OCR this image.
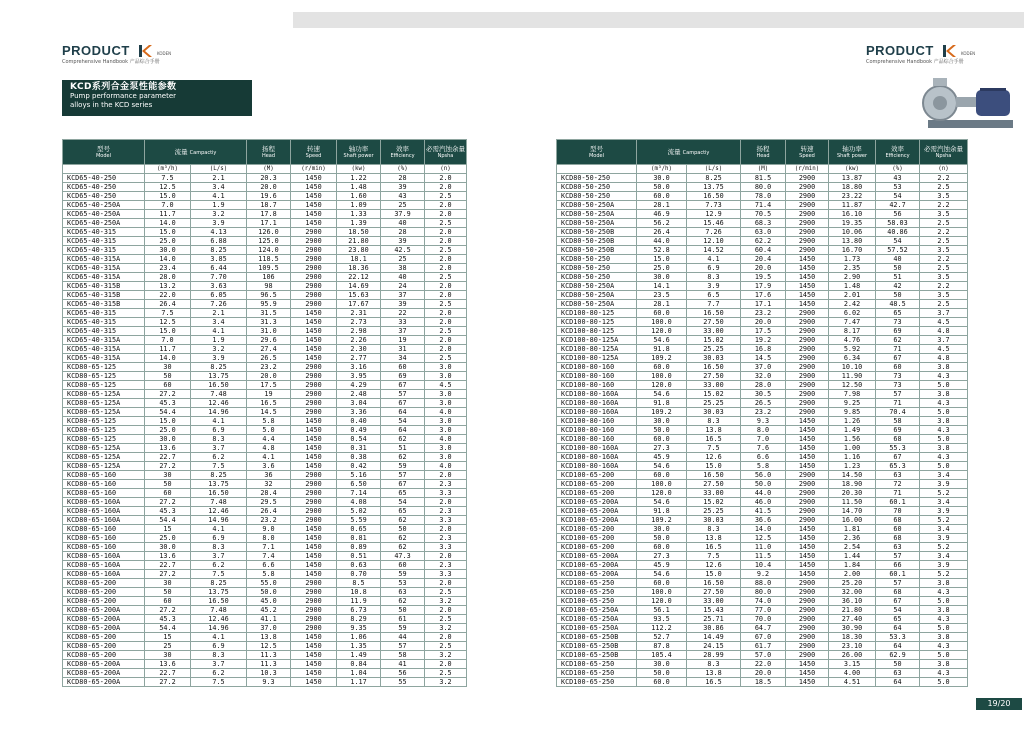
PRODUCT	KODEN
Comprehensive Handbook 产品综合手册
PRODUCT	KODEN
Comprehensive Handbook 产品综合手册
KCD系列合金泵性能参数
Pump performance parameter alloys in the KCD series
型号
Model	流量 Campactiy		扬程
Head	转速
Speed	轴功率
Shaft power	效率
Efficiency	必需汽蚀余量
Npsha

	(m³/h)	(L/s)	(M)	(r/min)	(kw)	(%)	(n)
KCD65-40-250	7.5	2.1	20.3	1450	1.22	28	2.0
KCD65-40-250	12.5	3.4	20.0	1450	1.48	39	2.0
KCD65-40-250	15.0	4.1	19.6	1450	1.60	43	2.5
KCD65-40-250A	7.0	1.9	18.7	1450	1.09	25	2.0
KCD65-40-250A	11.7	3.2	17.8	1450	1.33	37.9	2.0
KCD65-40-250A	14.0	3.9	17.1	1450	1.39	40	2.5
KCD65-40-315	15.0	4.13	126.0	2900	18.50	28	2.0
KCD65-40-315	25.0	6.88	125.0	2900	21.80	39	2.0
KCD65-40-315	30.0	8.25	124.0	2900	23.80	42.5	2.5
KCD65-40-315A	14.0	3.85	118.5	2900	18.1	25	2.0
KCD65-40-315A	23.4	6.44	109.5	2900	18.36	38	2.0
KCD65-40-315A	28.0	7.70	106	2900	22.12	40	2.5
KCD65-40-315B	13.2	3.63	98	2900	14.69	24	2.0
KCD65-40-315B	22.0	6.05	96.5	2900	15.63	37	2.0
KCD65-40-315B	26.4	7.26	95.9	2900	17.67	39	2.5
KCD65-40-315	7.5	2.1	31.5	1450	2.31	22	2.0
KCD65-40-315	12.5	3.4	31.3	1450	2.73	33	2.0
KCD65-40-315	15.0	4.1	31.0	1450	2.98	37	2.5
KCD65-40-315A	7.0	1.9	29.6	1450	2.26	19	2.0
KCD65-40-315A	11.7	3.2	27.4	1450	2.30	31	2.0
KCD65-40-315A	14.0	3.9	26.5	1450	2.77	34	2.5
KCD80-65-125	30	8.25	23.2	2900	3.16	60	3.0
KCD80-65-125	50	13.75	20.0	2900	3.95	69	3.0
KCD80-65-125	60	16.50	17.5	2900	4.29	67	4.5
KCD80-65-125A	27.2	7.48	19	2900	2.48	57	3.0
KCD80-65-125A	45.3	12.46	16.5	2900	3.04	67	3.0
KCD80-65-125A	54.4	14.96	14.5	2900	3.36	64	4.0
KCD80-65-125	15.0	4.1	5.8	1450	0.40	54	3.0
KCD80-65-125	25.0	6.9	5.0	1450	0.49	64	3.0
KCD80-65-125	30.0	8.3	4.4	1450	0.54	62	4.0
KCD80-65-125A	13.6	3.7	4.8	1450	0.31	51	3.0
KCD80-65-125A	22.7	6.2	4.1	1450	0.38	62	3.0
KCD80-65-125A	27.2	7.5	3.6	1450	0.42	59	4.0
KCD80-65-160	30	8.25	36	2900	5.16	57	2.0
KCD80-65-160	50	13.75	32	2900	6.50	67	2.3
KCD80-65-160	60	16.50	28.4	2900	7.14	65	3.3
KCD80-65-160A	27.2	7.48	29.5	2900	4.08	54	2.0
KCD80-65-160A	45.3	12.46	26.4	2900	5.02	65	2.3
KCD80-65-160A	54.4	14.96	23.2	2900	5.59	62	3.3
KCD80-65-160	15	4.1	9.0	1450	0.65	50	2.0
KCD80-65-160	25.0	6.9	8.0	1450	0.81	62	2.3
KCD80-65-160	30.0	8.3	7.1	1450	0.89	62	3.3
KCD80-65-160A	13.6	3.7	7.4	1450	0.51	47.3	2.0
KCD80-65-160A	22.7	6.2	6.6	1450	0.63	60	2.3
KCD80-65-160A	27.2	7.5	5.8	1450	0.70	59	3.3
KCD80-65-200	30	8.25	55.0	2900	8.5	53	2.0
KCD80-65-200	50	13.75	50.0	2900	10.8	63	2.5
KCD80-65-200	60	16.50	45.0	2900	11.9	62	3.2
KCD80-65-200A	27.2	7.48	45.2	2900	6.73	50	2.0
KCD80-65-200A	45.3	12.46	41.1	2900	8.29	61	2.5
KCD80-65-200A	54.4	14.96	37.0	2900	9.35	59	3.2
KCD80-65-200	15	4.1	13.8	1450	1.06	44	2.0
KCD80-65-200	25	6.9	12.5	1450	1.35	57	2.5
KCD80-65-200	30	8.3	11.3	1450	1.49	58	3.2
KCD80-65-200A	13.6	3.7	11.3	1450	0.84	41	2.0
KCD80-65-200A	22.7	6.2	10.3	1450	1.04	56	2.5
KCD80-65-200A	27.2	7.5	9.3	1450	1.17	55	3.2
型号
Model	流量 Campactiy		扬程
Head	转速
Speed	轴功率
Shaft power	效率
Efficiency	必需汽蚀余量
Npsha

	(m³/h)	(L/s)	(M)	(r/min)	(kw)	(%)	(n)
KCD80-50-250	30.0	8.25	81.5	2900	13.87	43	2.2
KCD80-50-250	50.0	13.75	80.0	2900	18.80	53	2.5
KCD80-50-250	60.0	16.50	78.0	2900	23.22	54	3.5
KCD80-50-250A	28.1	7.73	71.4	2900	11.87	42.7	2.2
KCD80-50-250A	46.9	12.9	70.5	2900	16.10	56	3.5
KCD80-50-250A	56.2	15.46	68.3	2900	19.35	58.03	2.5
KCD80-50-250B	26.4	7.26	63.0	2900	10.06	40.86	2.2
KCD80-50-250B	44.0	12.10	62.2	2900	13.80	54	2.5
KCD80-50-250B	52.8	14.52	60.4	2900	16.70	57.52	3.5
KCD80-50-250	15.0	4.1	20.4	1450	1.73	40	2.2
KCD80-50-250	25.0	6.9	20.0	1450	2.35	50	2.5
KCD80-50-250	30.0	8.3	19.5	1450	2.90	51	3.5
KCD80-50-250A	14.1	3.9	17.9	1450	1.48	42	2.2
KCD80-50-250A	23.5	6.5	17.6	1450	2.01	50	3.5
KCD80-50-250A	28.1	7.7	17.1	1450	2.42	48.5	2.5
KCD100-80-125	60.0	16.50	23.2	2900	6.02	65	3.7
KCD100-80-125	100.0	27.50	20.0	2900	7.47	73	4.5
KCD100-80-125	120.0	33.00	17.5	2900	8.17	69	4.8
KCD100-80-125A	54.6	15.02	19.2	2900	4.76	62	3.7
KCD100-80-125A	91.8	25.25	16.8	2900	5.92	71	4.5
KCD100-80-125A	109.2	30.03	14.5	2900	6.34	67	4.8
KCD100-80-160	60.0	16.50	37.0	2900	10.10	60	3.8
KCD100-80-160	100.0	27.50	32.0	2900	11.90	73	4.3
KCD100-80-160	120.0	33.00	28.0	2900	12.50	73	5.0
KCD100-80-160A	54.6	15.02	30.5	2900	7.98	57	3.8
KCD100-80-160A	91.8	25.25	26.5	2900	9.25	71	4.3
KCD100-80-160A	109.2	30.03	23.2	2900	9.85	70.4	5.0
KCD100-80-160	30.0	8.3	9.3	1450	1.26	58	3.8
KCD100-80-160	50.0	13.8	8.0	1450	1.49	69	4.3
KCD100-80-160	60.0	16.5	7.0	1450	1.56	68	5.0
KCD100-80-160A	27.3	7.5	7.6	1450	1.00	55.3	3.8
KCD100-80-160A	45.9	12.6	6.6	1450	1.16	67	4.3
KCD100-80-160A	54.6	15.0	5.8	1450	1.23	65.3	5.0
KCD100-65-200	60.0	16.50	56.0	2900	14.50	63	3.4
KCD100-65-200	100.0	27.50	50.0	2900	18.90	72	3.9
KCD100-65-200	120.0	33.00	44.0	2900	20.30	71	5.2
KCD100-65-200A	54.6	15.02	46.0	2900	11.50	60.1	3.4
KCD100-65-200A	91.8	25.25	41.5	2900	14.70	70	3.9
KCD100-65-200A	109.2	30.03	36.6	2900	16.00	68	5.2
KCD100-65-200	30.0	8.3	14.0	1450	1.81	60	3.4
KCD100-65-200	50.0	13.8	12.5	1450	2.36	68	3.9
KCD100-65-200	60.0	16.5	11.0	1450	2.54	63	5.2
KCD100-65-200A	27.3	7.5	11.5	1450	1.44	57	3.4
KCD100-65-200A	45.9	12.6	10.4	1450	1.84	66	3.9
KCD100-65-200A	54.6	15.0	9.2	1450	2.00	60.1	5.2
KCD100-65-250	60.0	16.50	88.0	2900	25.20	57	3.8
KCD100-65-250	100.0	27.50	80.0	2900	32.00	68	4.3
KCD100-65-250	120.0	33.00	74.0	2900	36.10	67	5.0
KCD100-65-250A	56.1	15.43	77.0	2900	21.80	54	3.8
KCD100-65-250A	93.5	25.71	70.0	2900	27.40	65	4.3
KCD100-65-250A	112.2	30.86	64.7	2900	30.90	64	5.0
KCD100-65-250B	52.7	14.49	67.0	2900	18.30	53.3	3.8
KCD100-65-250B	87.8	24.15	61.7	2900	23.10	64	4.3
KCD100-65-250B	105.4	28.99	57.0	2900	26.00	62.9	5.0
KCD100-65-250	30.0	8.3	22.0	1450	3.15	50	3.8
KCD100-65-250	50.0	13.8	20.0	1450	4.00	63	4.3
KCD100-65-250	60.0	16.5	18.5	1450	4.51	64	5.0
19/20
